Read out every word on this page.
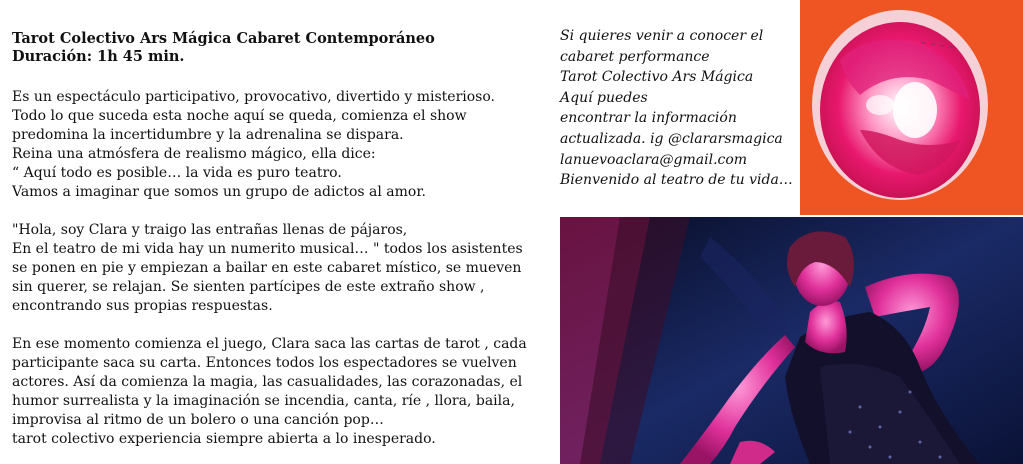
Tarot Colectivo Ars Mágica Cabaret Contemporáneo

Duración: 1h 45 min.

Es un espectáculo participativo, provocativo, divertido y misterioso.

Todo lo que suceda esta noche aquí se queda, comienza el show

predomina la incertidumbre y la adrenalina se dispara.

Reina una atmósfera de realismo mágico, ella dice:

“ Aquí todo es posible… la vida es puro teatro.

Vamos a imaginar que somos un grupo de adictos al amor.

"Hola, soy Clara y traigo las entrañas llenas de pájaros,

En el teatro de mi vida hay un numerito musical… " todos los asistentes

se ponen en pie y empiezan a bailar en este cabaret místico, se mueven

sin querer, se relajan. Se sienten partícipes de este extraño show ,

encontrando sus propias respuestas.

En ese momento comienza el juego, Clara saca las cartas de tarot , cada

participante saca su carta. Entonces todos los espectadores se vuelven

actores. Así da comienza la magia, las casualidades, las corazonadas, el

humor surrealista y la imaginación se incendia, canta, ríe , llora, baila,

improvisa al ritmo de un bolero o una canción pop…

tarot colectivo experiencia siempre abierta a lo inesperado.

Si quieres venir a conocer el
cabaret performance
Tarot Colectivo Ars Mágica
Aquí puedes
encontrar la información
actualizada. ig @clararsmagica
lanuevoaclara@gmail.com
Bienvenido al teatro de tu vida…
~ ~ ~ ~
